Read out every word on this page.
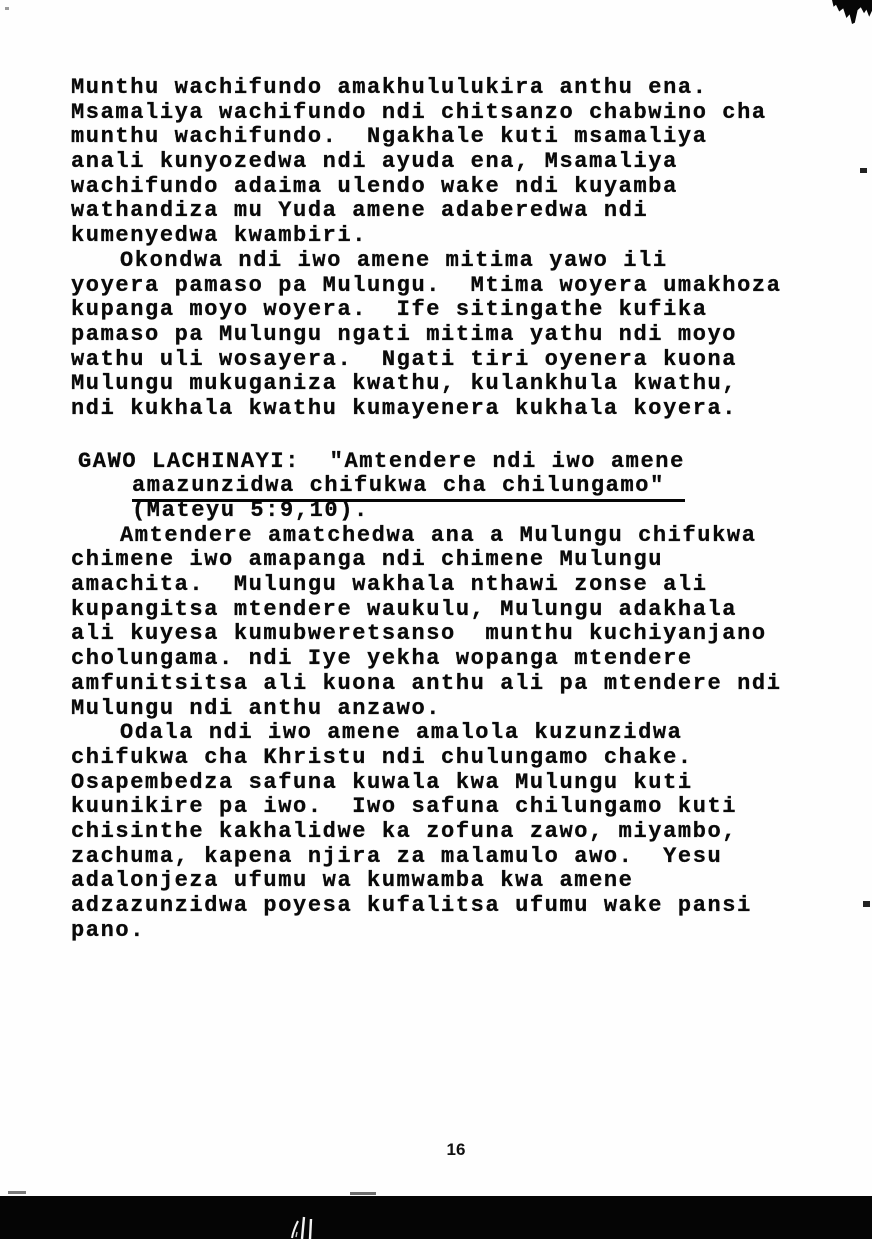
Munthu wachifundo amakhululukira anthu ena.
Msamaliya wachifundo ndi chitsanzo chabwino cha
munthu wachifundo.  Ngakhale kuti msamaliya
anali kunyozedwa ndi ayuda ena, Msamaliya
wachifundo adaima ulendo wake ndi kuyamba
wathandiza mu Yuda amene adaberedwa ndi
kumenyedwa kwambiri.
Okondwa ndi iwo amene mitima yawo ili
yoyera pamaso pa Mulungu.  Mtima woyera umakhoza
kupanga moyo woyera.  Ife sitingathe kufika
pamaso pa Mulungu ngati mitima yathu ndi moyo
wathu uli wosayera.  Ngati tiri oyenera kuona
Mulungu mukuganiza kwathu, kulankhula kwathu,
ndi kukhala kwathu kumayenera kukhala koyera.
GAWO LACHINAYI:  "Amtendere ndi iwo amene
amazunzidwa chifukwa cha chilungamo"
(Mateyu 5:9,10).
Amtendere amatchedwa ana a Mulungu chifukwa
chimene iwo amapanga ndi chimene Mulungu
amachita.  Mulungu wakhala nthawi zonse ali
kupangitsa mtendere waukulu, Mulungu adakhala
ali kuyesa kumubweretsanso  munthu kuchiyanjano
cholungama. ndi Iye yekha wopanga mtendere
amfunitsitsa ali kuona anthu ali pa mtendere ndi
Mulungu ndi anthu anzawo.
Odala ndi iwo amene amalola kuzunzidwa
chifukwa cha Khristu ndi chulungamo chake.
Osapembedza safuna kuwala kwa Mulungu kuti
kuunikire pa iwo.  Iwo safuna chilungamo kuti
chisinthe kakhalidwe ka zofuna zawo, miyambo,
zachuma, kapena njira za malamulo awo.  Yesu
adalonjeza ufumu wa kumwamba kwa amene
adzazunzidwa poyesa kufalitsa ufumu wake pansi
pano.
16
